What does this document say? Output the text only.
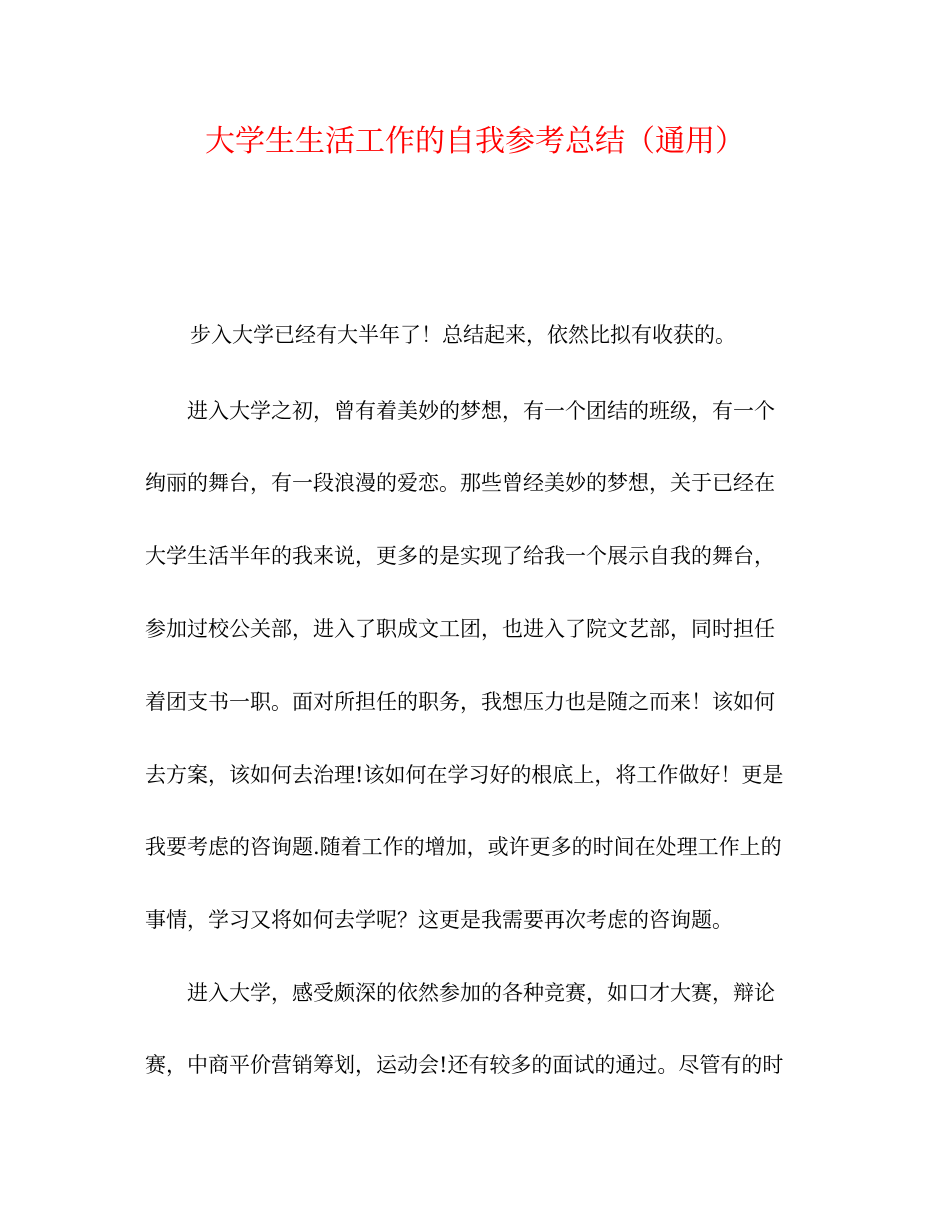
大学生生活工作的自我参考总结（通用）
步入大学已经有大半年了！总结起来，依然比拟有收获的。
进入大学之初，曾有着美妙的梦想，有一个团结的班级，有一个
绚丽的舞台，有一段浪漫的爱恋。那些曾经美妙的梦想，关于已经在
大学生活半年的我来说，更多的是实现了给我一个展示自我的舞台，
参加过校公关部，进入了职成文工团，也进入了院文艺部，同时担任
着团支书一职。面对所担任的职务，我想压力也是随之而来！该如何
去方案，该如何去治理!该如何在学习好的根底上，将工作做好！更是
我要考虑的咨询题.随着工作的增加，或许更多的时间在处理工作上的
事情，学习又将如何去学呢？这更是我需要再次考虑的咨询题。
进入大学，感受颇深的依然参加的各种竞赛，如口才大赛，辩论
赛，中商平价营销筹划，运动会!还有较多的面试的通过。尽管有的时
